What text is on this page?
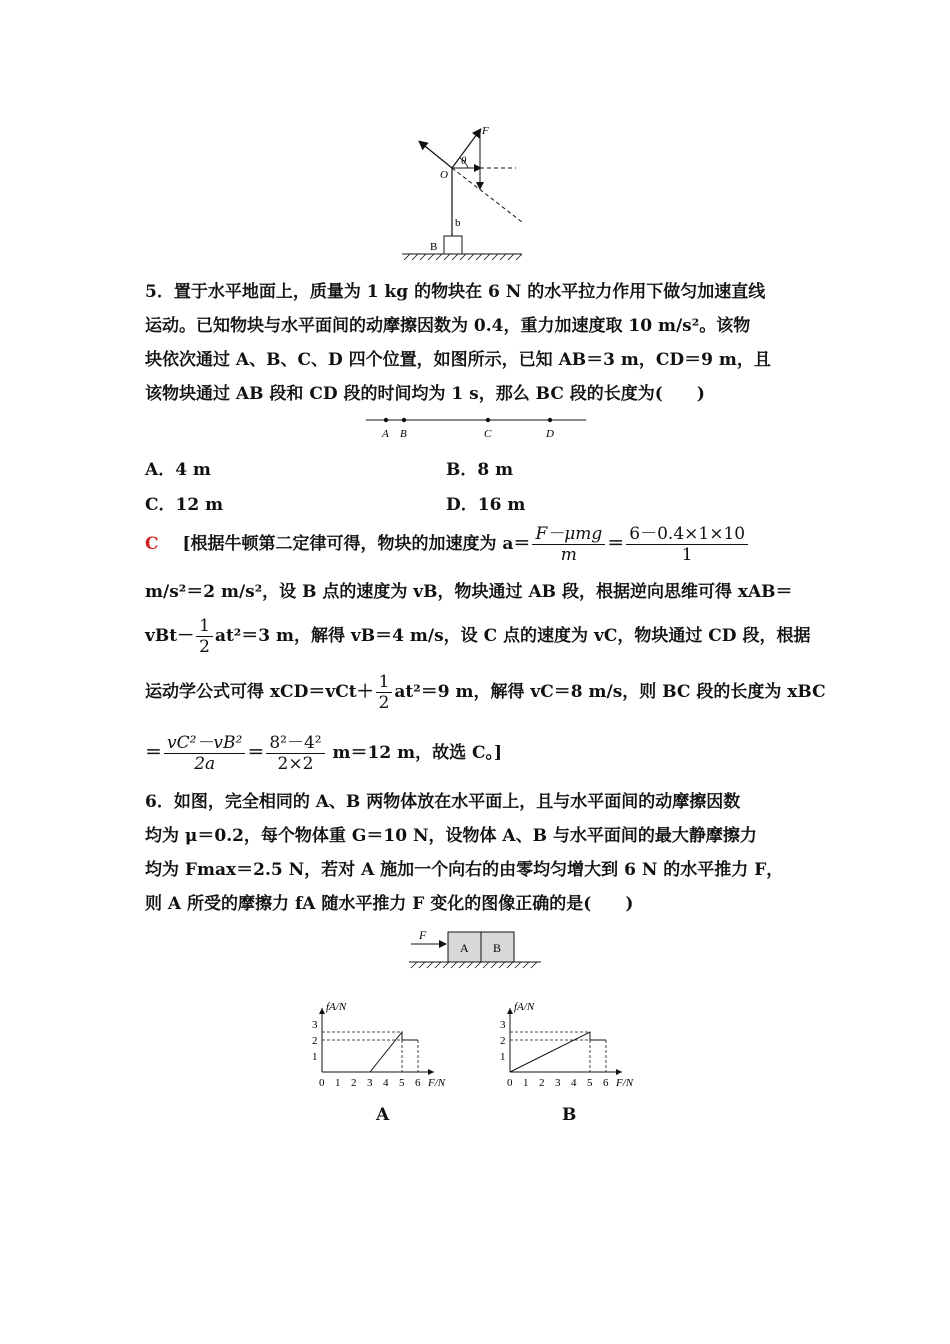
F
θ
O
b
B
5．置于水平地面上，质量为 1 kg 的物块在 6 N 的水平拉力作用下做匀加速直线
运动。已知物块与水平面间的动摩擦因数为 0.4，重力加速度取 10 m/s²。该物
块依次通过 A、B、C、D 四个位置，如图所示，已知 AB＝3 m，CD＝9 m，且
该物块通过 AB 段和 CD 段的时间均为 1 s，那么 BC 段的长度为(　　)
A B	C	D
A．4 m	B．8 m
C．12 m	D．16 m
C [根据牛顿第二定律可得，物块的加速度为 $a= \frac{\text{F－μmg}}{m} = \frac{6-0.4\times 1\times 10}{1}$
m/s²＝2 m/s²，设 B 点的速度为 vB，物块通过 AB 段，根据逆向思维可得 xAB＝
$vBt- \frac{1}{2} at^2=3$ m，解得 vB＝4 m/s，设 C 点的速度为 vC，物块通过 CD 段，根据
运动学公式可得 $xCD=vCt+ \frac{1}{2} at^2=9$ m，解得 vC＝8 m/s，则 BC 段的长度为 xBC
＝ $\frac{\text{vC²－vB²}}{2a} = \frac{\text{8²－4²}}{2\times 2} m=12$ m，故选 C。]
6．如图，完全相同的 A、B 两物体放在水平面上，且与水平面间的动摩擦因数
均为 μ＝0.2，每个物体重 G＝10 N，设物体 A、B 与水平面间的最大静摩擦力
均为 Fmax＝2.5 N，若对 A 施加一个向右的由零均匀增大到 6 N 的水平推力 F，
则 A 所受的摩擦力 fA 随水平推力 F 变化的图像正确的是(　　)
F
A B
0 1 2 3 4 5 6
1
2
3
F/N
fA/N
0 1 2 3 4 5 6
1
2
3
F/N
fA/N
A	B
